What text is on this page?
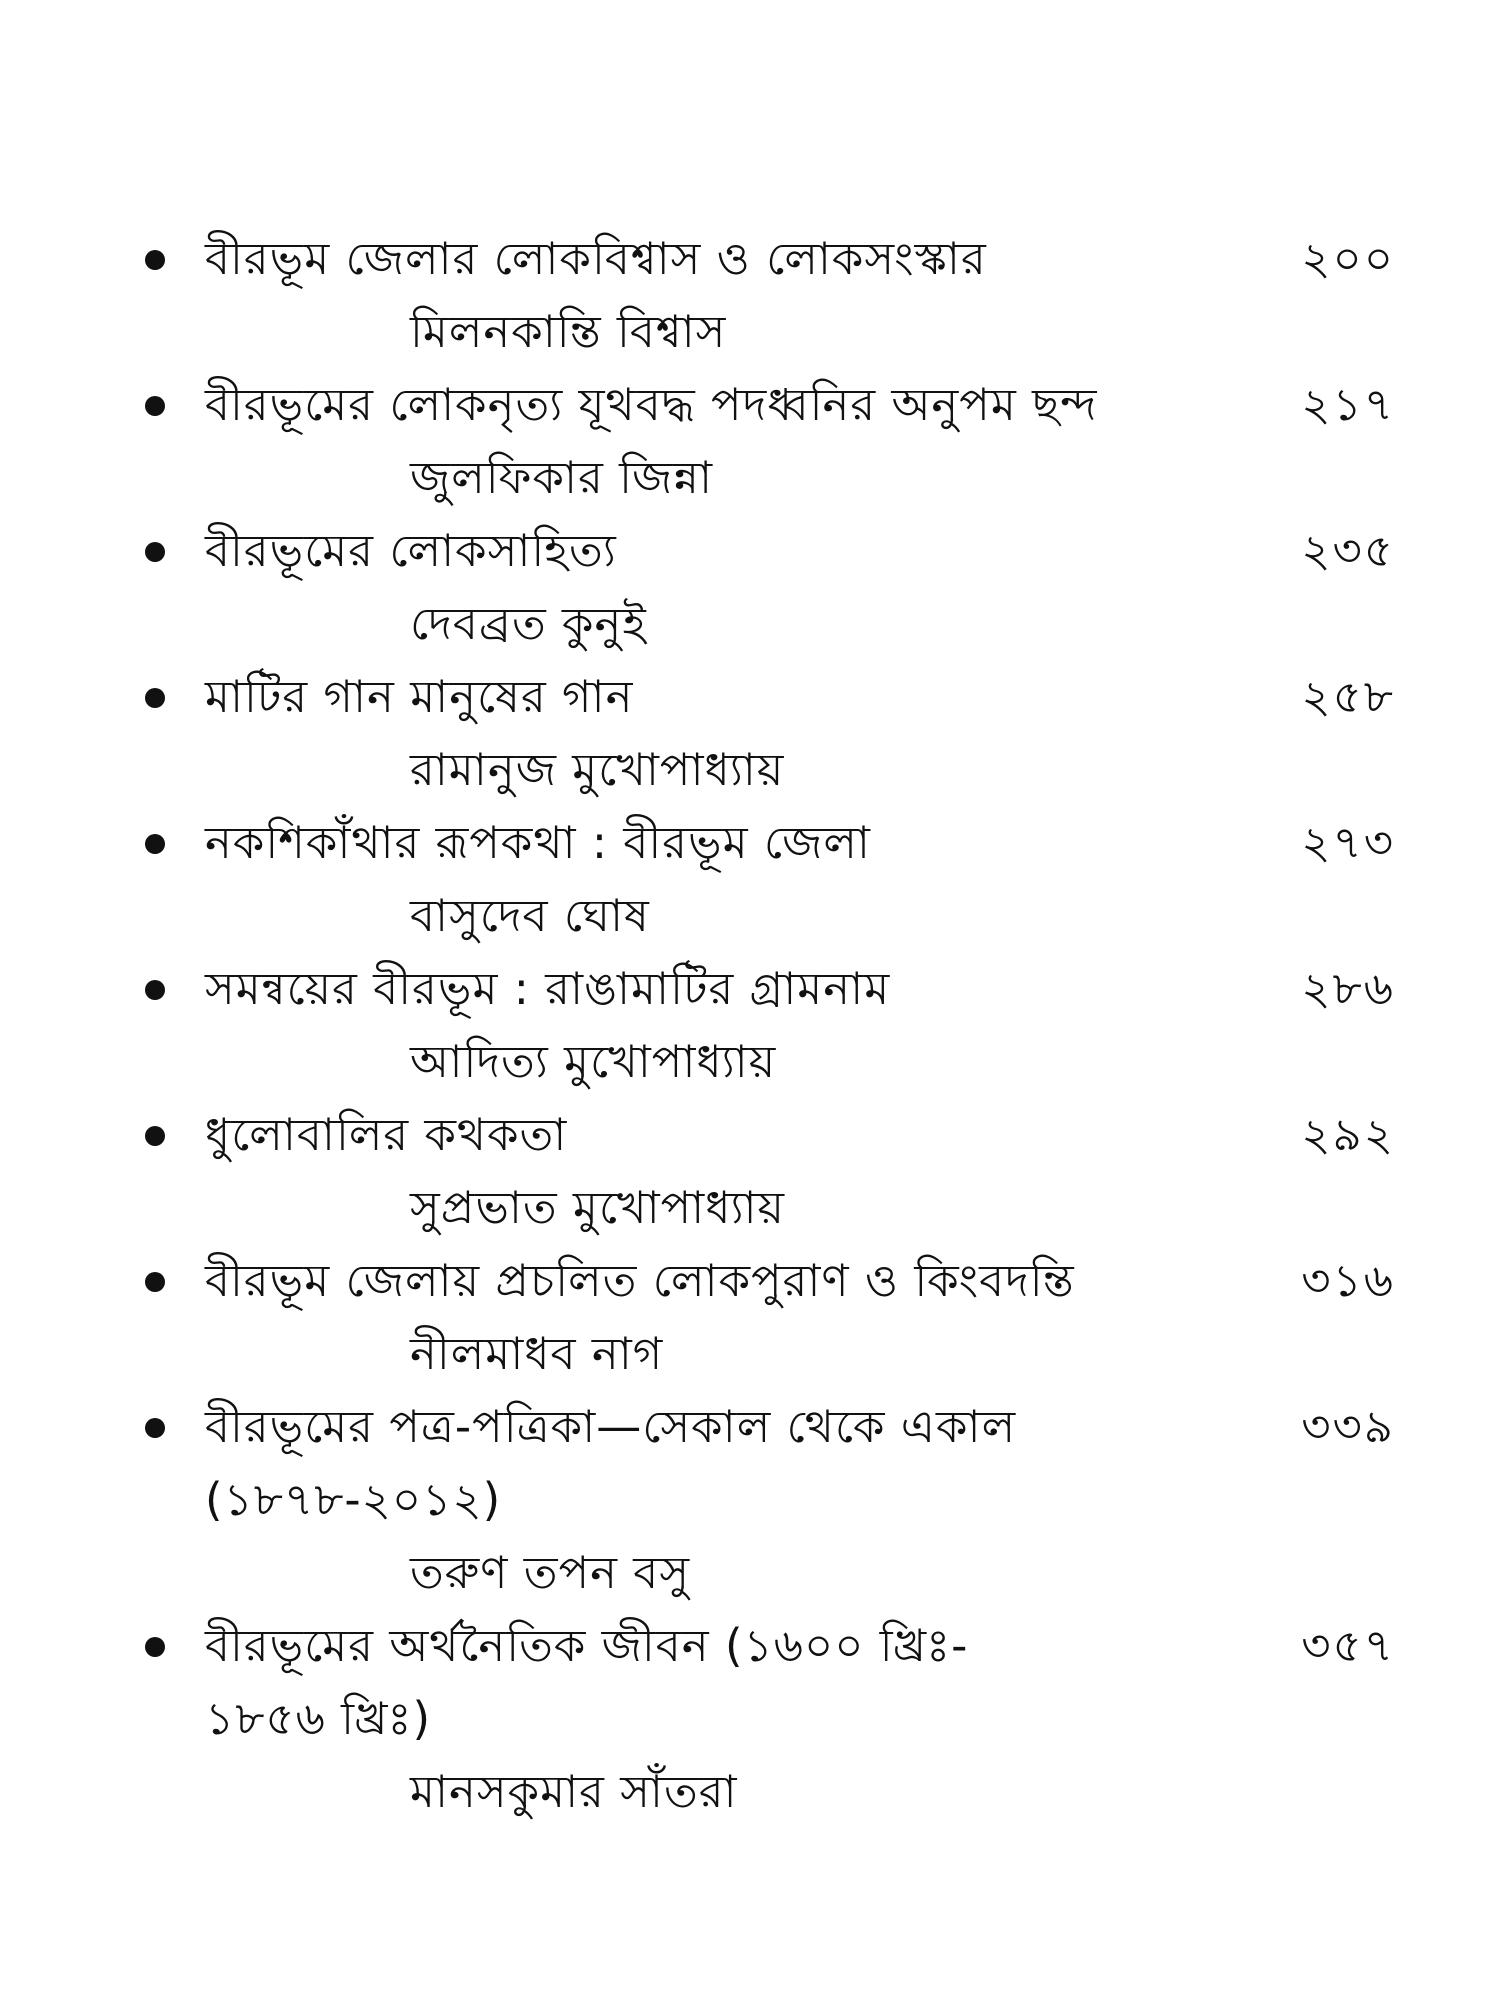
বীরভূম জেলার লোকবিশ্বাস ও লোকসংস্কার	২০০
মিলনকান্তি বিশ্বাস
বীরভূমের লোকনৃত্য যূথবদ্ধ পদধ্বনির অনুপম ছন্দ	২১৭
জুলফিকার জিন্না
বীরভূমের লোকসাহিত্য	২৩৫
দেবব্রত কুনুই
মাটির গান মানুষের গান	২৫৮
রামানুজ মুখোপাধ্যায়
নকশিকাঁথার রূপকথা : বীরভূম জেলা	২৭৩
বাসুদেব ঘোষ
সমন্বয়ের বীরভূম : রাঙামাটির গ্রামনাম	২৮৬
আদিত্য মুখোপাধ্যায়
ধুলোবালির কথকতা	২৯২
সুপ্রভাত মুখোপাধ্যায়
বীরভূম জেলায় প্রচলিত লোকপুরাণ ও কিংবদন্তি	৩১৬
নীলমাধব নাগ
বীরভূমের পত্র-পত্রিকা—সেকাল থেকে একাল	৩৩৯
(১৮৭৮-২০১২)
তরুণ তপন বসু
বীরভূমের অর্থনৈতিক জীবন (১৬০০ খ্রিঃ-	৩৫৭
১৮৫৬ খ্রিঃ)
মানসকুমার সাঁতরা
